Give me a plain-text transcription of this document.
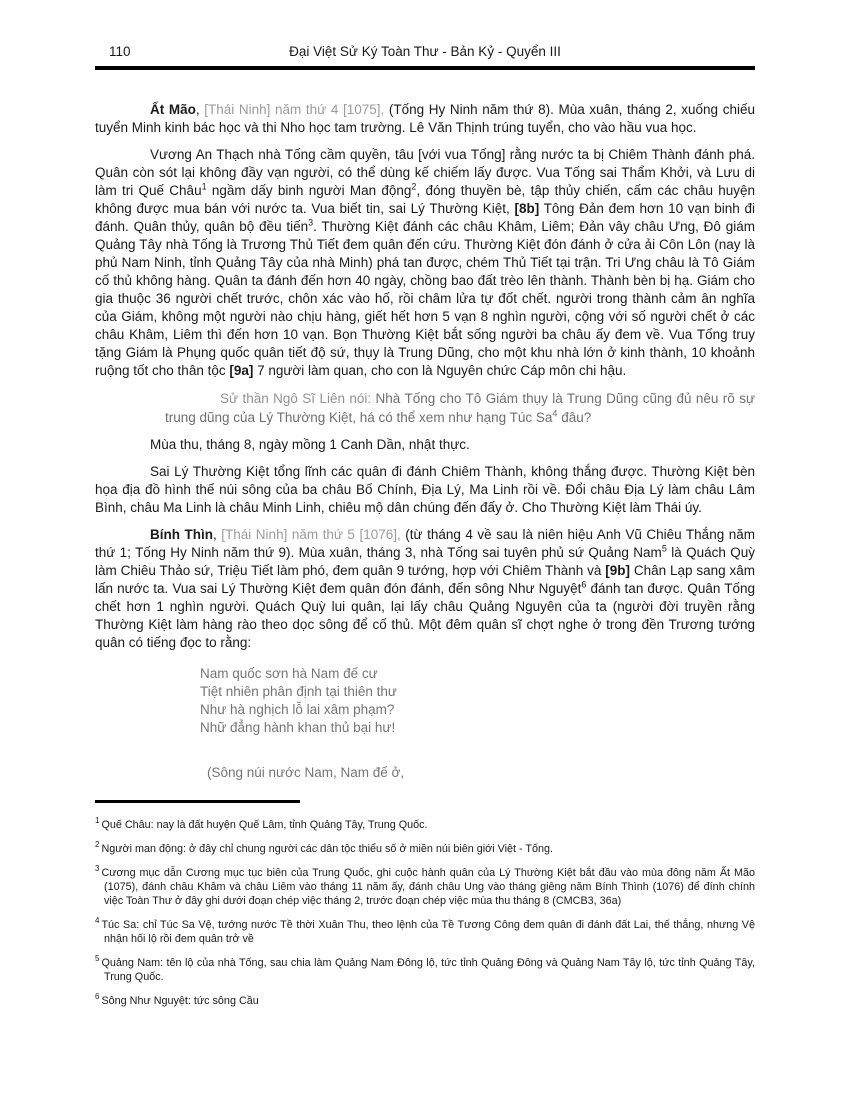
110	Đại Việt Sử Ký Toàn Thư - Bản Kỷ - Quyển III

Ất Mão, [Thái Ninh] năm thứ 4 [1075], (Tống Hy Ninh năm thứ 8). Mùa xuân, tháng 2, xuống chiếu tuyển Minh kinh bác học và thi Nho học tam trường. Lê Văn Thịnh trúng tuyển, cho vào hầu vua học.

Vương An Thạch nhà Tống cầm quyền, tâu [với vua Tống] rằng nước ta bị Chiêm Thành đánh phá. Quân còn sót lại không đầy vạn người, có thể dùng kế chiếm lấy được. Vua Tống sai Thẩm Khởi, và Lưu di làm tri Quế Châu$^1$ ngầm dấy binh người Man động$^2$, đóng thuyền bè, tập thủy chiến, cấm các châu huyện không được mua bán với nước ta. Vua biết tin, sai Lý Thường Kiệt, [8b] Tông Đản đem hơn 10 vạn binh đi đánh. Quân thủy, quân bộ đều tiến$^3$. Thường Kiệt đánh các châu Khâm, Liêm; Đản vây châu Ưng, Đô giám Quảng Tây nhà Tống là Trương Thủ Tiết đem quân đến cứu. Thường Kiệt đón đánh ở cửa ải Côn Lôn (nay là phủ Nam Ninh, tỉnh Quảng Tây của nhà Minh) phá tan được, chém Thủ Tiết tại trận. Tri Ưng châu là Tô Giám cố thủ không hàng. Quân ta đánh đến hơn 40 ngày, chồng bao đất trèo lên thành. Thành bèn bị hạ. Giám cho gia thuộc 36 người chết trước, chôn xác vào hố, rồi châm lửa tự đốt chết. người trong thành cảm ân nghĩa của Giám, không một người nào chịu hàng, giết hết hơn 5 vạn 8 nghìn người, cộng với số người chết ở các châu Khâm, Liêm thì đến hơn 10 vạn. Bọn Thường Kiệt bắt sống người ba châu ấy đem về. Vua Tống truy tặng Giám là Phụng quốc quân tiết độ sứ, thụy là Trung Dũng, cho một khu nhà lớn ở kinh thành, 10 khoảnh ruộng tốt cho thân tộc [9a] 7 người làm quan, cho con là Nguyên chức Cáp môn chi hậu.

Sử thần Ngô Sĩ Liên nói: Nhà Tống cho Tô Giám thụy là Trung Dũng cũng đủ nêu rõ sự trung dũng của Lý Thường Kiệt, há có thể xem như hạng Túc Sa$^4$ đâu?

Mùa thu, tháng 8, ngày mồng 1 Canh Dần, nhật thực.

Sai Lý Thường Kiệt tổng lĩnh các quân đi đánh Chiêm Thành, không thắng được. Thường Kiệt bèn họa địa đồ hình thế núi sông của ba châu Bố Chính, Địa Lý, Ma Linh rồi về. Đổi châu Địa Lý làm châu Lâm Bình, châu Ma Linh là châu Minh Linh, chiêu mộ dân chúng đến đấy ở. Cho Thường Kiệt làm Thái úy.

Bính Thìn, [Thái Ninh] năm thứ 5 [1076], (từ tháng 4 về sau là niên hiệu Anh Vũ Chiêu Thắng năm thứ 1; Tống Hy Ninh năm thứ 9). Mùa xuân, tháng 3, nhà Tống sai tuyên phủ sứ Quảng Nam$^5$ là Quách Quỳ làm Chiêu Thảo sứ, Triệu Tiết làm phó, đem quân 9 tướng, hợp với Chiêm Thành và [9b] Chân Lạp sang xâm lấn nước ta. Vua sai Lý Thường Kiệt đem quân đón đánh, đến sông Như Nguyệt$^6$ đánh tan được. Quân Tống chết hơn 1 nghìn người. Quách Quỳ lui quân, lại lấy châu Quảng Nguyên của ta (người đời truyền rằng Thường Kiệt làm hàng rào theo dọc sông để cố thủ. Một đêm quân sĩ chợt nghe ở trong đền Trương tướng quân có tiếng đọc to rằng:

Nam quốc sơn hà Nam đế cư
Tiệt nhiên phân định tại thiên thư
Như hà nghịch lỗ lai xâm phạm?
Nhữ đẳng hành khan thủ bại hư!
(Sông núi nước Nam, Nam đế ở,
$^1$ Quế Châu: nay là đất huyện Quế Lâm, tỉnh Quảng Tây, Trung Quốc.
$^2$ Người man động: ở đây chỉ chung người các dân tộc thiểu số ở miền núi biên giới Việt - Tống.
$^3$ Cương mục dẫn Cương mục tục biên của Trung Quốc, ghi cuộc hành quân của Lý Thường Kiệt bắt đầu vào mùa đông năm Ất Mão (1075), đánh châu Khâm và châu Liêm vào tháng 11 năm ấy, đánh châu Ung vào tháng giêng năm Bính Thình (1076) để đính chính việc Toàn Thư ở đây ghi dưới đoạn chép việc tháng 2, trước đoạn chép việc mùa thu tháng 8 (CMCB3, 36a)
$^4$ Túc Sa: chỉ Túc Sa Vệ, tướng nước Tề thời Xuân Thu, theo lệnh của Tề Tương Công đem quân đi đánh đất Lai, thế thắng, nhưng Vệ nhận hối lộ rồi đem quân trở về
$^5$ Quảng Nam: tên lộ của nhà Tống, sau chia làm Quảng Nam Đông lộ, tức tỉnh Quảng Đông và Quảng Nam Tây lộ, tức tỉnh Quảng Tây, Trung Quốc.
$^6$ Sông Như Nguyệt: tức sông Cầu
